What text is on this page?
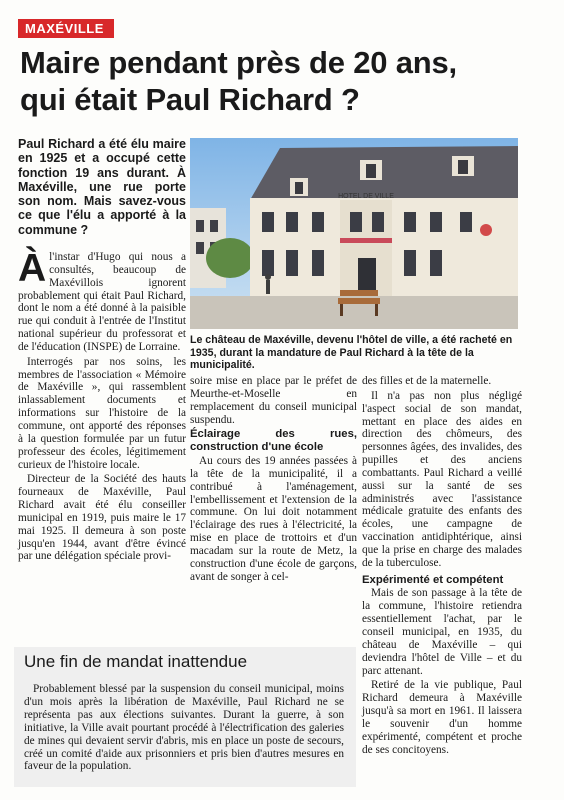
MAXÉVILLE
Maire pendant près de 20 ans,
qui était Paul Richard ?
Paul Richard a été élu maire en 1925 et a occupé cette fonction 19 ans durant. À Maxéville, une rue porte son nom. Mais savez-vous ce que l'élu a apporté à la commune ?
HOTEL DE VILLE
Le château de Maxéville, devenu l'hôtel de ville, a été racheté en 1935, durant la mandature de Paul Richard à la tête de la municipalité.

Àl'instar d'Hugo qui nous a consultés, beaucoup de Maxévillois ignorent probablement qui était Paul Richard, dont le nom a été donné à la paisible rue qui conduit à l'entrée de l'Institut national supérieur du professorat et de l'éducation (INSPE) de Lorraine.

Interrogés par nos soins, les membres de l'association « Mémoire de Maxéville », qui rassemblent inlassablement documents et informations sur l'histoire de la commune, ont apporté des réponses à la question formulée par un futur professeur des écoles, légitimement curieux de l'histoire locale.

Directeur de la Société des hauts fourneaux de Maxéville, Paul Richard avait été élu conseiller municipal en 1919, puis maire le 17 mai 1925. Il demeura à son poste jusqu'en 1944, avant d'être évincé par une délégation spéciale provi-

soire mise en place par le préfet de Meurthe-et-Moselle en remplacement du conseil municipal suspendu.

Éclairage des rues, construction d'une école

Au cours des 19 années passées à la tête de la municipalité, il a contribué à l'aménagement, l'embellissement et l'extension de la commune. On lui doit notamment l'éclairage des rues à l'électricité, la mise en place de trottoirs et d'un macadam sur la route de Metz, la construction d'une école de garçons, avant de songer à cel-

des filles et de la maternelle.

Il n'a pas non plus négligé l'aspect social de son mandat, mettant en place des aides en direction des chômeurs, des personnes âgées, des invalides, des pupilles et des anciens combattants. Paul Richard a veillé aussi sur la santé de ses administrés avec l'assistance médicale gratuite des enfants des écoles, une campagne de vaccination antidiphtérique, ainsi que la prise en charge des malades de la tuberculose.

Expérimenté et compétent

Mais de son passage à la tête de la commune, l'histoire retiendra essentiellement l'achat, par le conseil municipal, en 1935, du château de Maxéville – qui deviendra l'hôtel de Ville – et du parc attenant.

Retiré de la vie publique, Paul Richard demeura à Maxéville jusqu'à sa mort en 1961. Il laissera le souvenir d'un homme expérimenté, compétent et proche de ses concitoyens.

Une fin de mandat inattendue

Probablement blessé par la suspension du conseil municipal, moins d'un mois après la libération de Maxéville, Paul Richard ne se représenta pas aux élections suivantes. Durant la guerre, à son initiative, la Ville avait pourtant procédé à l'électrification des galeries de mines qui devaient servir d'abris, mis en place un poste de secours, créé un comité d'aide aux prisonniers et pris bien d'autres mesures en faveur de la population.
